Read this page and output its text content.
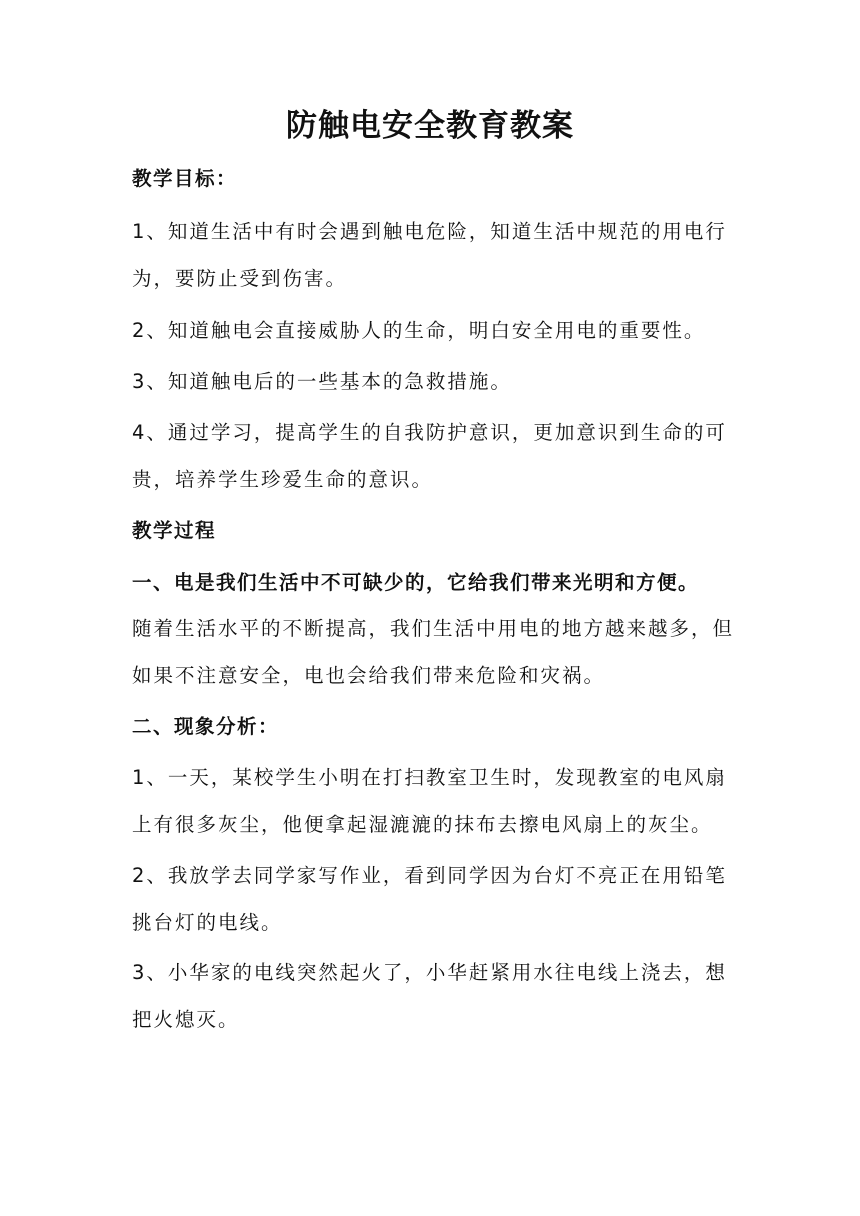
防触电安全教育教案
教学目标：
1、知道生活中有时会遇到触电危险，知道生活中规范的用电行
为，要防止受到伤害。
2、知道触电会直接威胁人的生命，明白安全用电的重要性。
3、知道触电后的一些基本的急救措施。
4、通过学习，提高学生的自我防护意识，更加意识到生命的可
贵，培养学生珍爱生命的意识。
教学过程
一、电是我们生活中不可缺少的，它给我们带来光明和方便。
随着生活水平的不断提高，我们生活中用电的地方越来越多，但
如果不注意安全，电也会给我们带来危险和灾祸。
二、现象分析：
1、一天，某校学生小明在打扫教室卫生时，发现教室的电风扇
上有很多灰尘，他便拿起湿漉漉的抹布去擦电风扇上的灰尘。
2、我放学去同学家写作业，看到同学因为台灯不亮正在用铅笔
挑台灯的电线。
3、小华家的电线突然起火了，小华赶紧用水往电线上浇去，想
把火熄灭。
